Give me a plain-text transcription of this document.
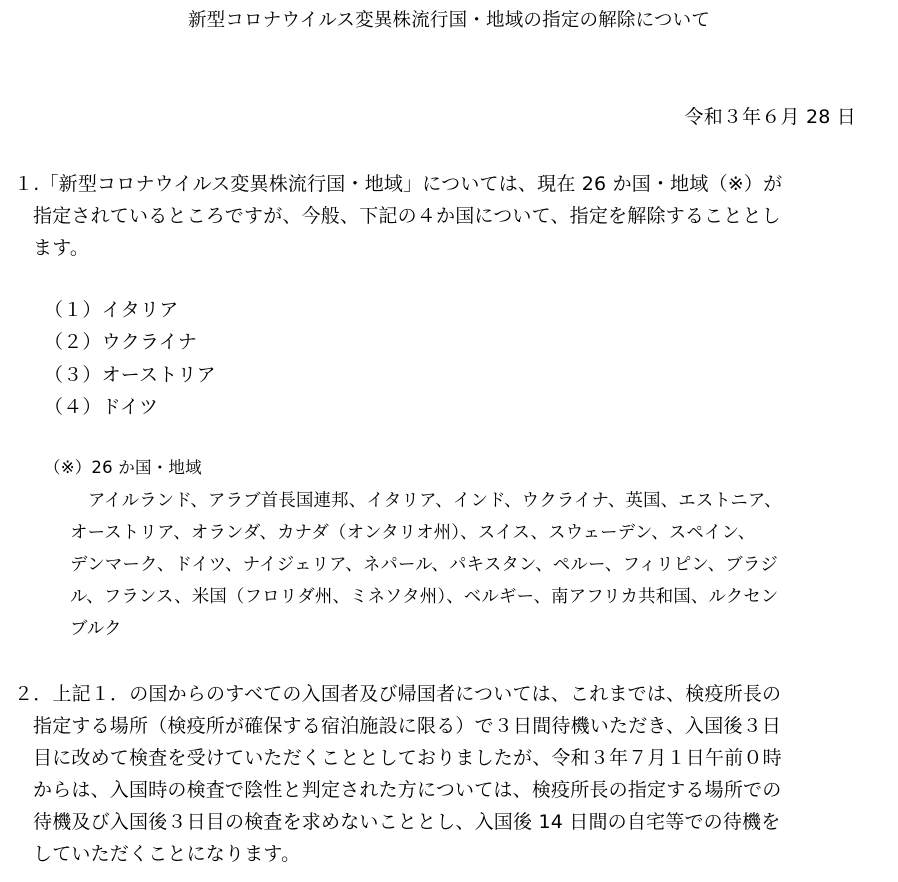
新型コロナウイルス変異株流行国・地域の指定の解除について
令和３年６月 28 日
１.「新型コロナウイルス変異株流行国・地域」については、現在 26 か国・地域（※）が
指定されているところですが、今般、下記の４か国について、指定を解除することとし
ます。
（１）イタリア
（２）ウクライナ
（３）オーストリア
（４）ドイツ
（※）26 か国・地域
アイルランド、アラブ首長国連邦、イタリア、インド、ウクライナ、英国、エストニア、
オーストリア、オランダ、カナダ（オンタリオ州）、スイス、スウェーデン、スペイン、
デンマーク、ドイツ、ナイジェリア、ネパール、パキスタン、ペルー、フィリピン、ブラジ
ル、フランス、米国（フロリダ州、ミネソタ州）、ベルギー、南アフリカ共和国、ルクセン
ブルク
２．上記１．の国からのすべての入国者及び帰国者については、これまでは、検疫所長の
指定する場所（検疫所が確保する宿泊施設に限る）で３日間待機いただき、入国後３日
目に改めて検査を受けていただくこととしておりましたが、令和３年７月１日午前０時
からは、入国時の検査で陰性と判定された方については、検疫所長の指定する場所での
待機及び入国後３日目の検査を求めないこととし、入国後 14 日間の自宅等での待機を
していただくことになります。
